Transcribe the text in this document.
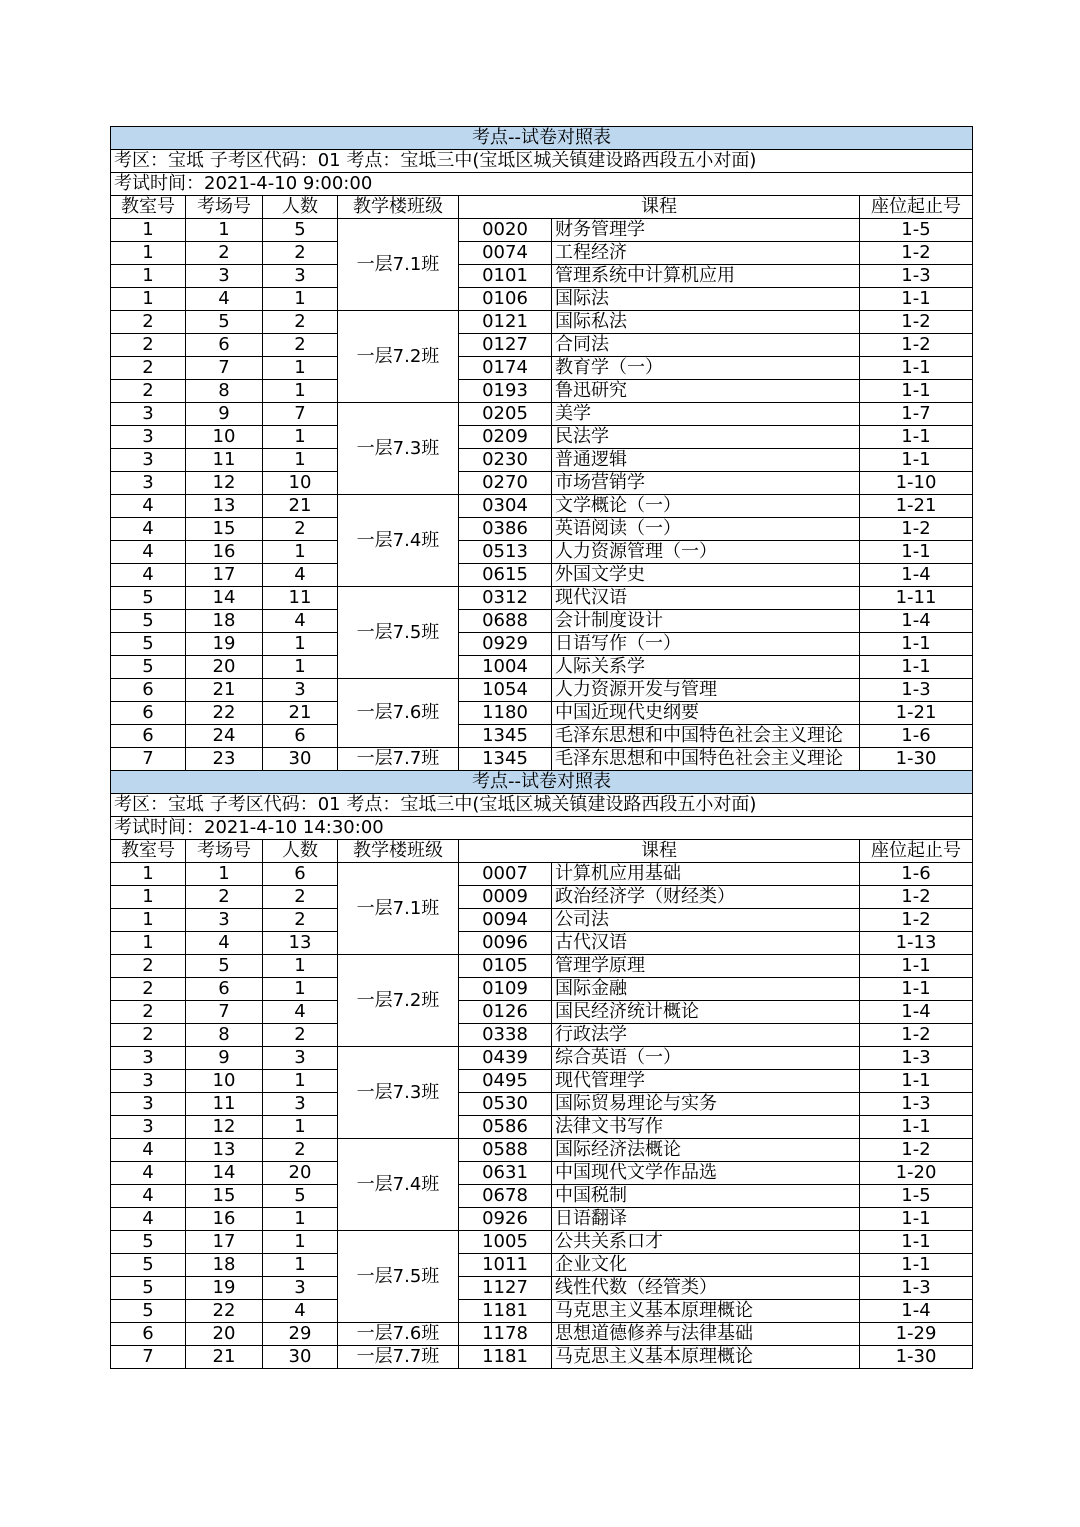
考点--试卷对照表						
考区：宝坻 子考区代码：01 考点：宝坻三中(宝坻区城关镇建设路西段五小对面)						
考试时间：2021-4-10 9:00:00						
教室号	考场号	人数	教学楼班级	课程		座位起止号
1	1	5	一层7.1班	0020	财务管理学	1-5
1	2	2		0074	工程经济	1-2
1	3	3		0101	管理系统中计算机应用	1-3
1	4	1		0106	国际法	1-1
2	5	2	一层7.2班	0121	国际私法	1-2
2	6	2		0127	合同法	1-2
2	7	1		0174	教育学（一）	1-1
2	8	1		0193	鲁迅研究	1-1
3	9	7	一层7.3班	0205	美学	1-7
3	10	1		0209	民法学	1-1
3	11	1		0230	普通逻辑	1-1
3	12	10		0270	市场营销学	1-10
4	13	21	一层7.4班	0304	文学概论（一）	1-21
4	15	2		0386	英语阅读（一）	1-2
4	16	1		0513	人力资源管理（一）	1-1
4	17	4		0615	外国文学史	1-4
5	14	11	一层7.5班	0312	现代汉语	1-11
5	18	4		0688	会计制度设计	1-4
5	19	1		0929	日语写作（一）	1-1
5	20	1		1004	人际关系学	1-1
6	21	3	一层7.6班	1054	人力资源开发与管理	1-3
6	22	21		1180	中国近现代史纲要	1-21
6	24	6		1345	毛泽东思想和中国特色社会主义理论	1-6
7	23	30	一层7.7班	1345	毛泽东思想和中国特色社会主义理论	1-30
考点--试卷对照表						
考区：宝坻 子考区代码：01 考点：宝坻三中(宝坻区城关镇建设路西段五小对面)						
考试时间：2021-4-10 14:30:00						
教室号	考场号	人数	教学楼班级	课程		座位起止号
1	1	6	一层7.1班	0007	计算机应用基础	1-6
1	2	2		0009	政治经济学（财经类）	1-2
1	3	2		0094	公司法	1-2
1	4	13		0096	古代汉语	1-13
2	5	1	一层7.2班	0105	管理学原理	1-1
2	6	1		0109	国际金融	1-1
2	7	4		0126	国民经济统计概论	1-4
2	8	2		0338	行政法学	1-2
3	9	3	一层7.3班	0439	综合英语（一）	1-3
3	10	1		0495	现代管理学	1-1
3	11	3		0530	国际贸易理论与实务	1-3
3	12	1		0586	法律文书写作	1-1
4	13	2	一层7.4班	0588	国际经济法概论	1-2
4	14	20		0631	中国现代文学作品选	1-20
4	15	5		0678	中国税制	1-5
4	16	1		0926	日语翻译	1-1
5	17	1	一层7.5班	1005	公共关系口才	1-1
5	18	1		1011	企业文化	1-1
5	19	3		1127	线性代数（经管类）	1-3
5	22	4		1181	马克思主义基本原理概论	1-4
6	20	29	一层7.6班	1178	思想道德修养与法律基础	1-29
7	21	30	一层7.7班	1181	马克思主义基本原理概论	1-30
